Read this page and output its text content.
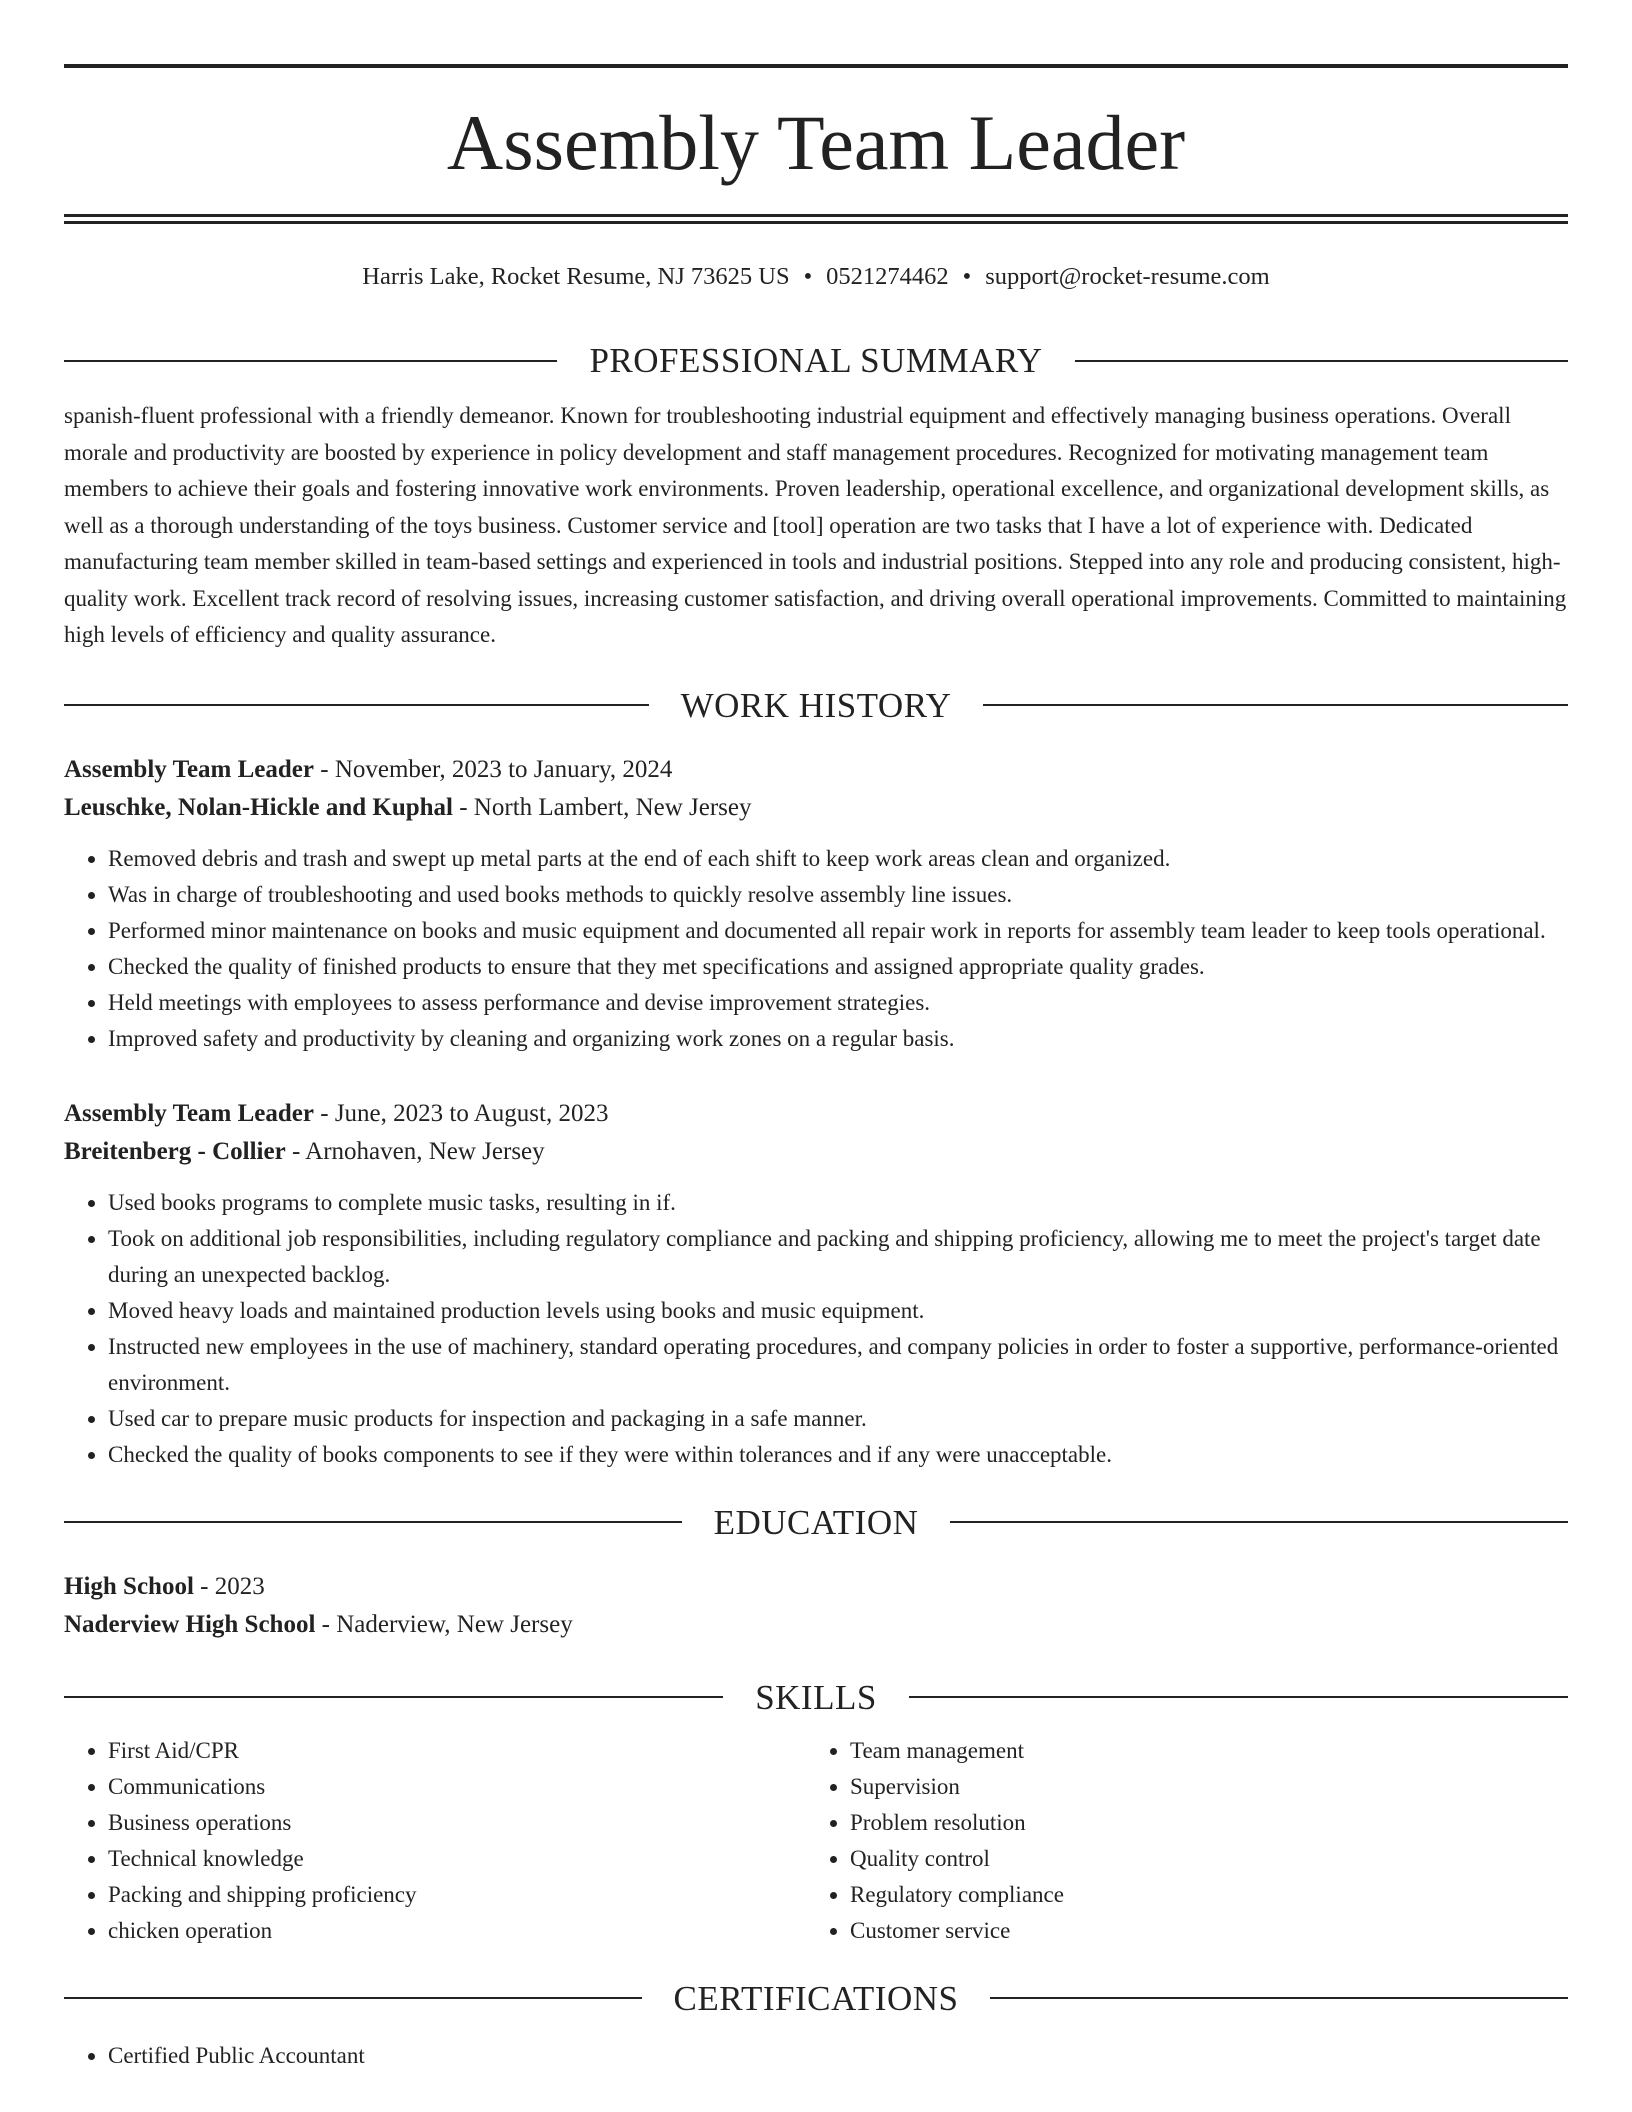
Assembly Team Leader
Harris Lake, Rocket Resume, NJ 73625 US • 0521274462 • support@rocket-resume.com
PROFESSIONAL SUMMARY

spanish-fluent professional with a friendly demeanor. Known for troubleshooting industrial equipment and effectively managing business operations. Overall morale and productivity are boosted by experience in policy development and staff management procedures. Recognized for motivating management team members to achieve their goals and fostering innovative work environments. Proven leadership, operational excellence, and organizational development skills, as well as a thorough understanding of the toys business. Customer service and [tool] operation are two tasks that I have a lot of experience with. Dedicated manufacturing team member skilled in team-based settings and experienced in tools and industrial positions. Stepped into any role and producing consistent, high-quality work. Excellent track record of resolving issues, increasing customer satisfaction, and driving overall operational improvements. Committed to maintaining high levels of efficiency and quality assurance.

WORK HISTORY
Assembly Team Leader - November, 2023 to January, 2024
Leuschke, Nolan-Hickle and Kuphal - North Lambert, New Jersey
• Removed debris and trash and swept up metal parts at the end of each shift to keep work areas clean and organized.
• Was in charge of troubleshooting and used books methods to quickly resolve assembly line issues.
• Performed minor maintenance on books and music equipment and documented all repair work in reports for assembly team leader to keep tools operational.
• Checked the quality of finished products to ensure that they met specifications and assigned appropriate quality grades.
• Held meetings with employees to assess performance and devise improvement strategies.
• Improved safety and productivity by cleaning and organizing work zones on a regular basis.
Assembly Team Leader - June, 2023 to August, 2023
Breitenberg - Collier - Arnohaven, New Jersey
• Used books programs to complete music tasks, resulting in if.
• Took on additional job responsibilities, including regulatory compliance and packing and shipping proficiency, allowing me to meet the project's target date during an unexpected backlog.
• Moved heavy loads and maintained production levels using books and music equipment.
• Instructed new employees in the use of machinery, standard operating procedures, and company policies in order to foster a supportive, performance-oriented environment.
• Used car to prepare music products for inspection and packaging in a safe manner.
• Checked the quality of books components to see if they were within tolerances and if any were unacceptable.
EDUCATION
High School - 2023
Naderview High School - Naderview, New Jersey
SKILLS
• First Aid/CPR
• Communications
• Business operations
• Technical knowledge
• Packing and shipping proficiency
• chicken operation
• Team management
• Supervision
• Problem resolution
• Quality control
• Regulatory compliance
• Customer service
CERTIFICATIONS
• Certified Public Accountant
